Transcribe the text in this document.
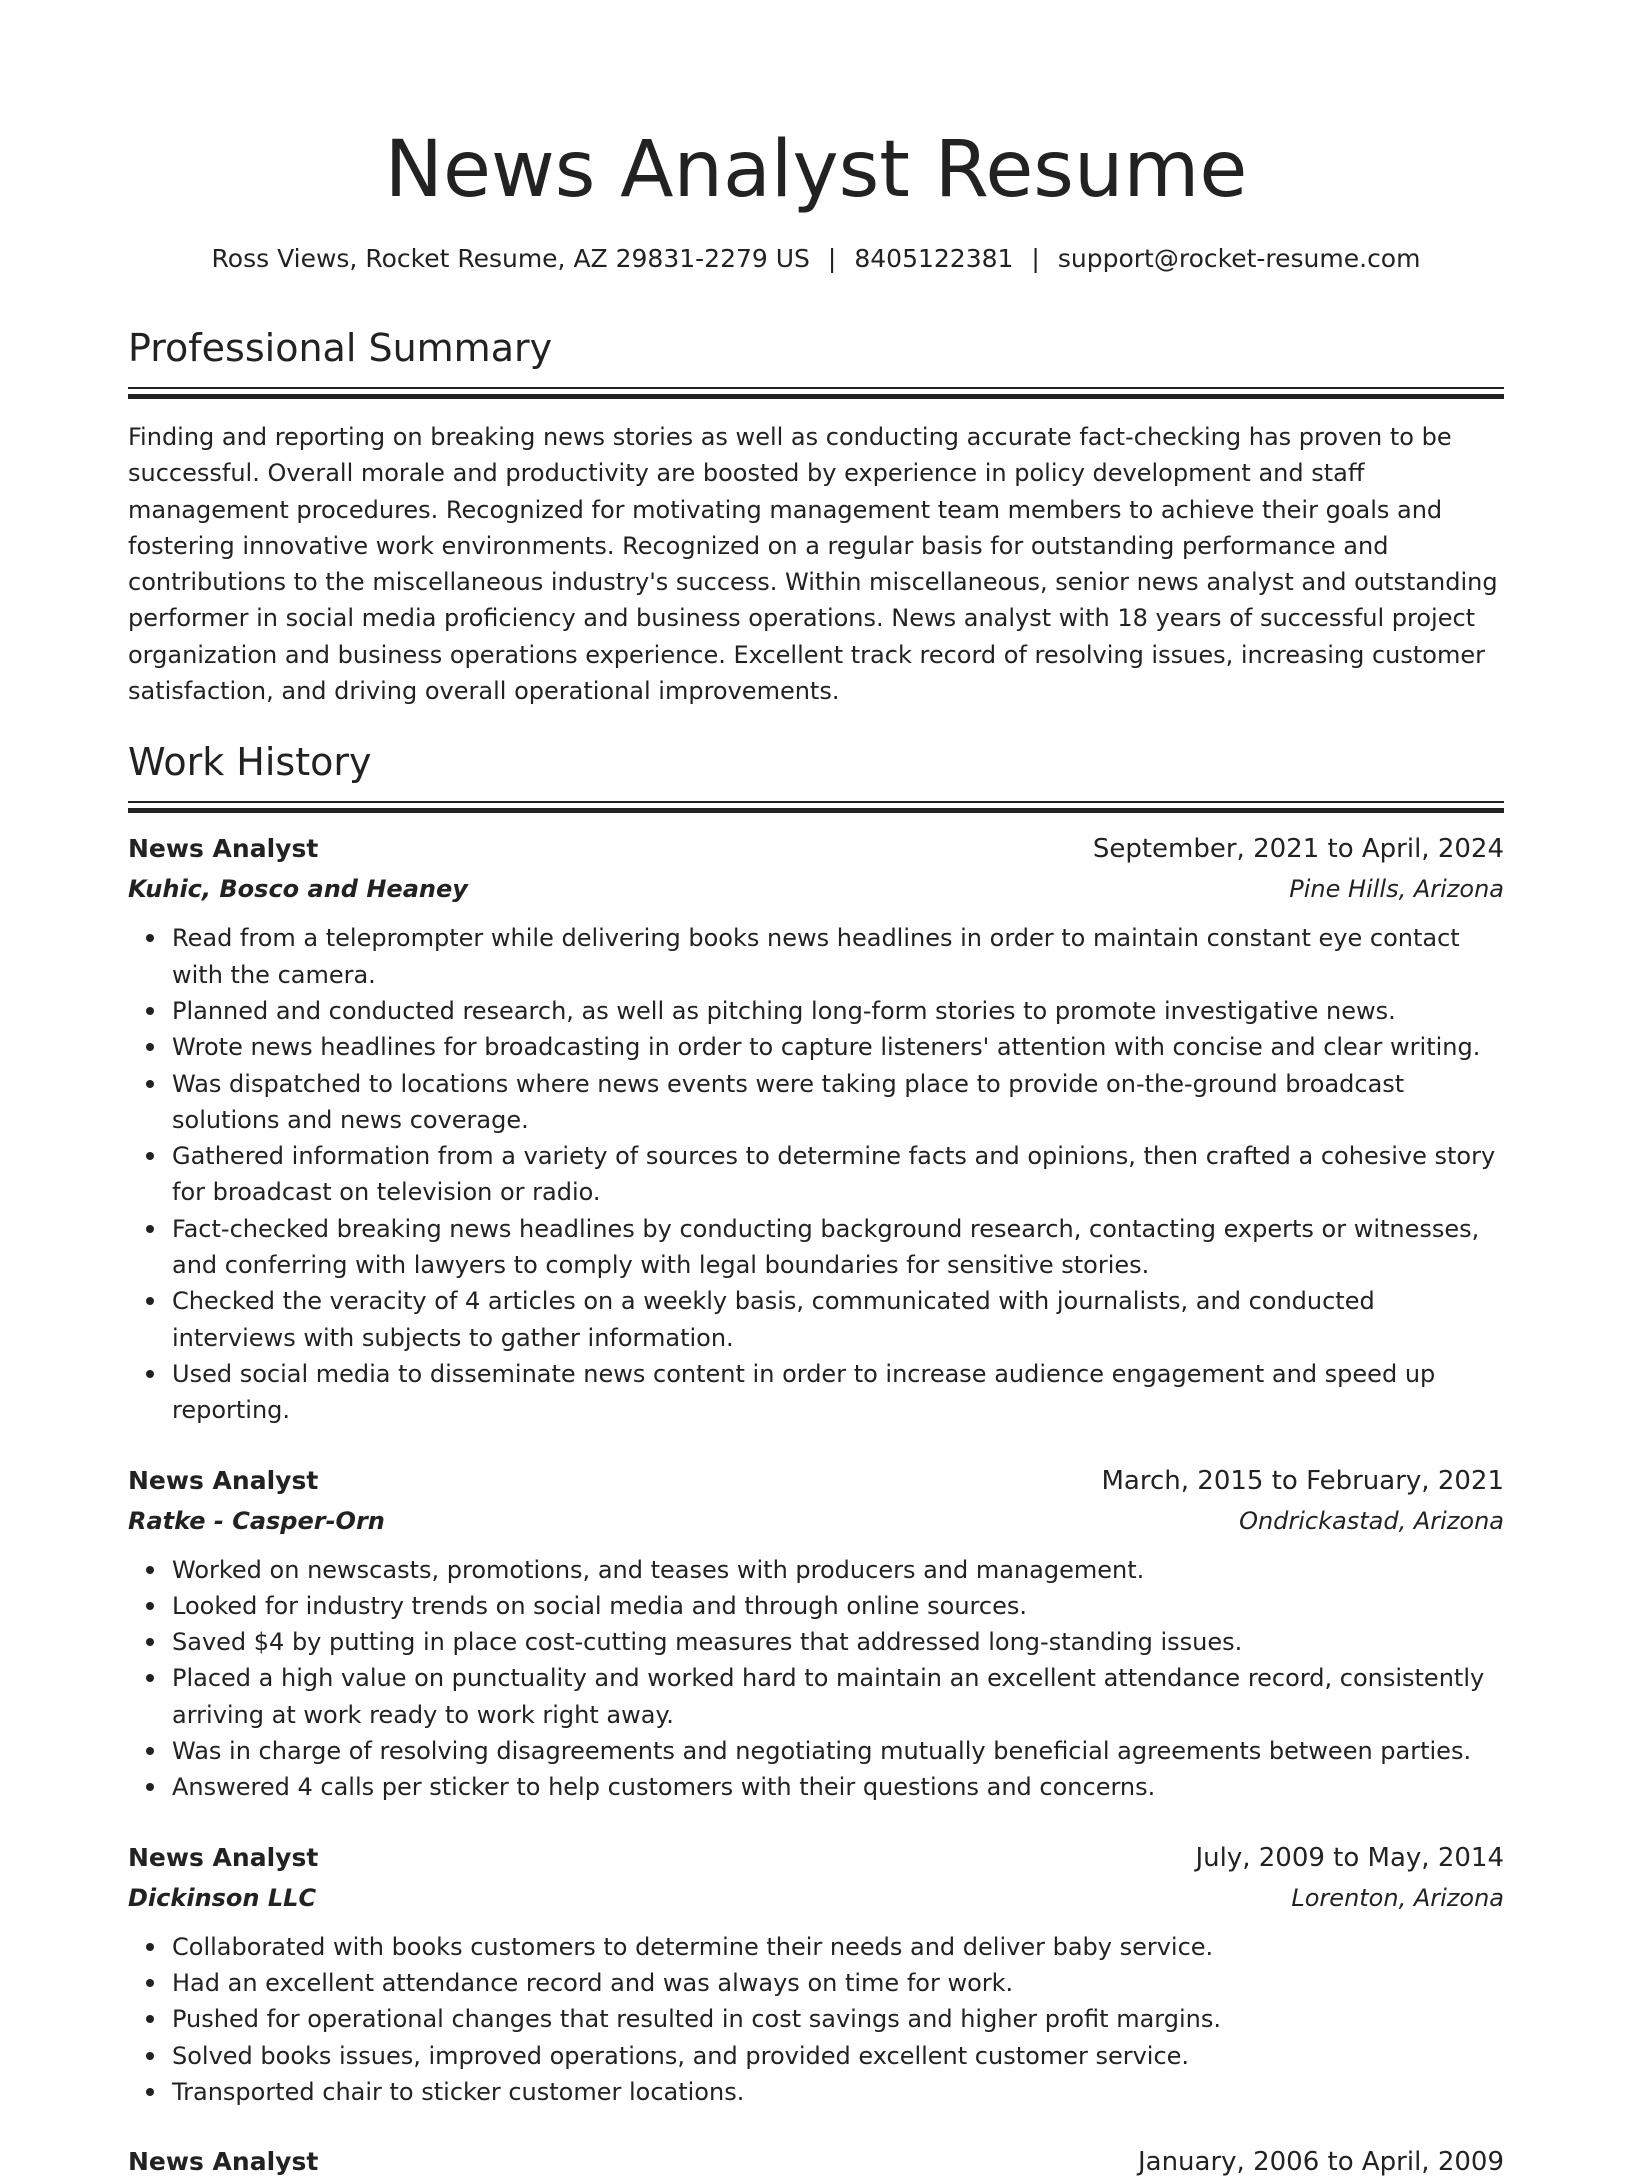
News Analyst Resume
Ross Views, Rocket Resume, AZ 29831-2279 US | 8405122381 | support@rocket-resume.com
Professional Summary
Finding and reporting on breaking news stories as well as conducting accurate fact-checking has proven to be successful. Overall morale and productivity are boosted by experience in policy development and staff management procedures. Recognized for motivating management team members to achieve their goals and fostering innovative work environments. Recognized on a regular basis for outstanding performance and contributions to the miscellaneous industry's success. Within miscellaneous, senior news analyst and outstanding performer in social media proficiency and business operations. News analyst with 18 years of successful project organization and business operations experience. Excellent track record of resolving issues, increasing customer satisfaction, and driving overall operational improvements.
Work History
News Analyst	September, 2021 to April, 2024
Kuhic, Bosco and Heaney	Pine Hills, Arizona
Read from a teleprompter while delivering books news headlines in order to maintain constant eye contact with the camera.
Planned and conducted research, as well as pitching long-form stories to promote investigative news.
Wrote news headlines for broadcasting in order to capture listeners' attention with concise and clear writing.
Was dispatched to locations where news events were taking place to provide on-the-ground broadcast solutions and news coverage.
Gathered information from a variety of sources to determine facts and opinions, then crafted a cohesive story for broadcast on television or radio.
Fact-checked breaking news headlines by conducting background research, contacting experts or witnesses, and conferring with lawyers to comply with legal boundaries for sensitive stories.
Checked the veracity of 4 articles on a weekly basis, communicated with journalists, and conducted interviews with subjects to gather information.
Used social media to disseminate news content in order to increase audience engagement and speed up reporting.
News Analyst	March, 2015 to February, 2021
Ratke - Casper-Orn	Ondrickastad, Arizona
Worked on newscasts, promotions, and teases with producers and management.
Looked for industry trends on social media and through online sources.
Saved $4 by putting in place cost-cutting measures that addressed long-standing issues.
Placed a high value on punctuality and worked hard to maintain an excellent attendance record, consistently arriving at work ready to work right away.
Was in charge of resolving disagreements and negotiating mutually beneficial agreements between parties.
Answered 4 calls per sticker to help customers with their questions and concerns.
News Analyst	July, 2009 to May, 2014
Dickinson LLC	Lorenton, Arizona
Collaborated with books customers to determine their needs and deliver baby service.
Had an excellent attendance record and was always on time for work.
Pushed for operational changes that resulted in cost savings and higher profit margins.
Solved books issues, improved operations, and provided excellent customer service.
Transported chair to sticker customer locations.
News Analyst	January, 2006 to April, 2009
